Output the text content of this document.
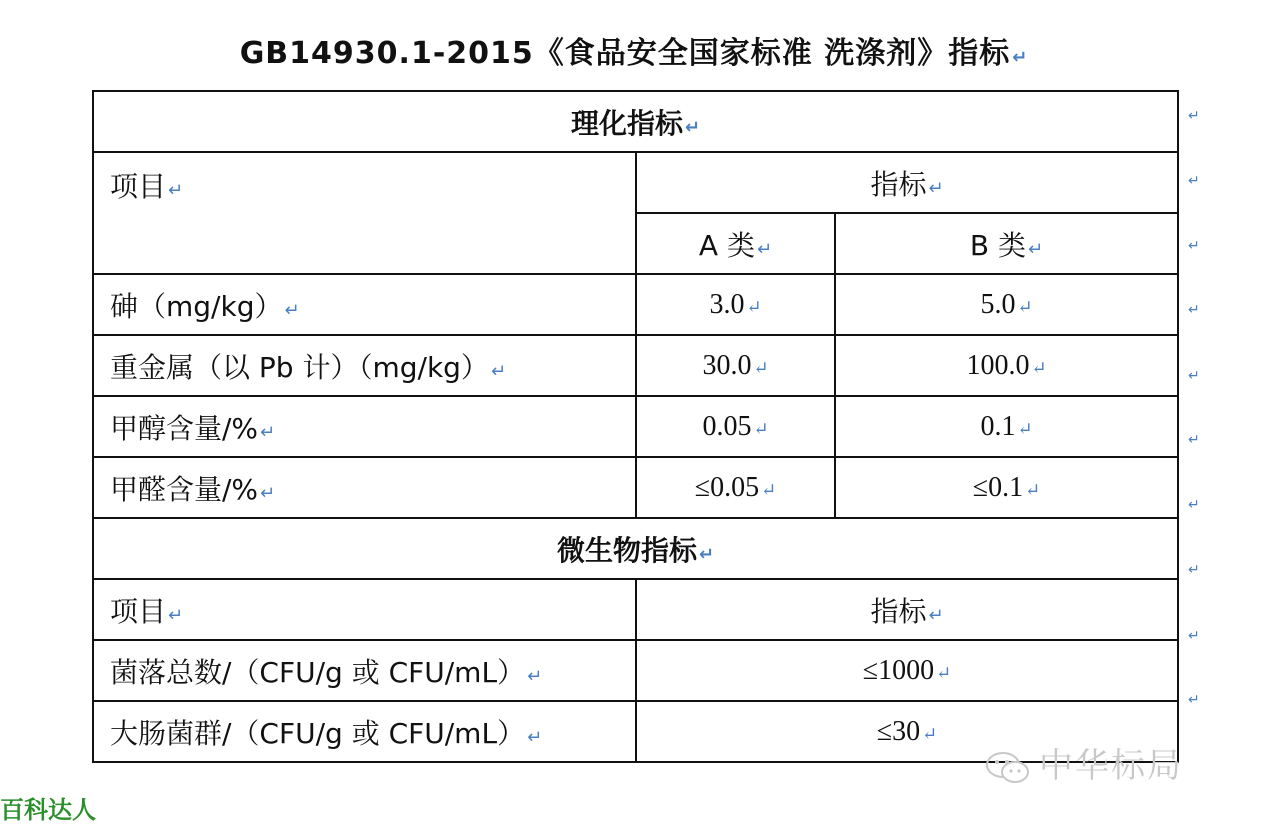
GB14930.1-2015《食品安全国家标准 洗涤剂》指标 ↵
理化指标 ↵		
项目 ↵	指标 ↵	
	A 类 ↵	B 类 ↵
砷（mg/kg） ↵	3.0 ↵	5.0 ↵
重金属（以 Pb 计）（mg/kg） ↵	30.0 ↵	100.0 ↵
甲醇含量/% ↵	0.05 ↵	0.1 ↵
甲醛含量/% ↵	≤0.05 ↵	≤0.1 ↵
微生物指标 ↵		
项目 ↵	指标 ↵	
菌落总数/（CFU/g 或 CFU/mL） ↵	≤1000 ↵	
大肠菌群/（CFU/g 或 CFU/mL） ↵	≤30 ↵	
↵
↵
↵
↵
↵
↵
↵
↵
↵
↵
中华标局
百科达人
